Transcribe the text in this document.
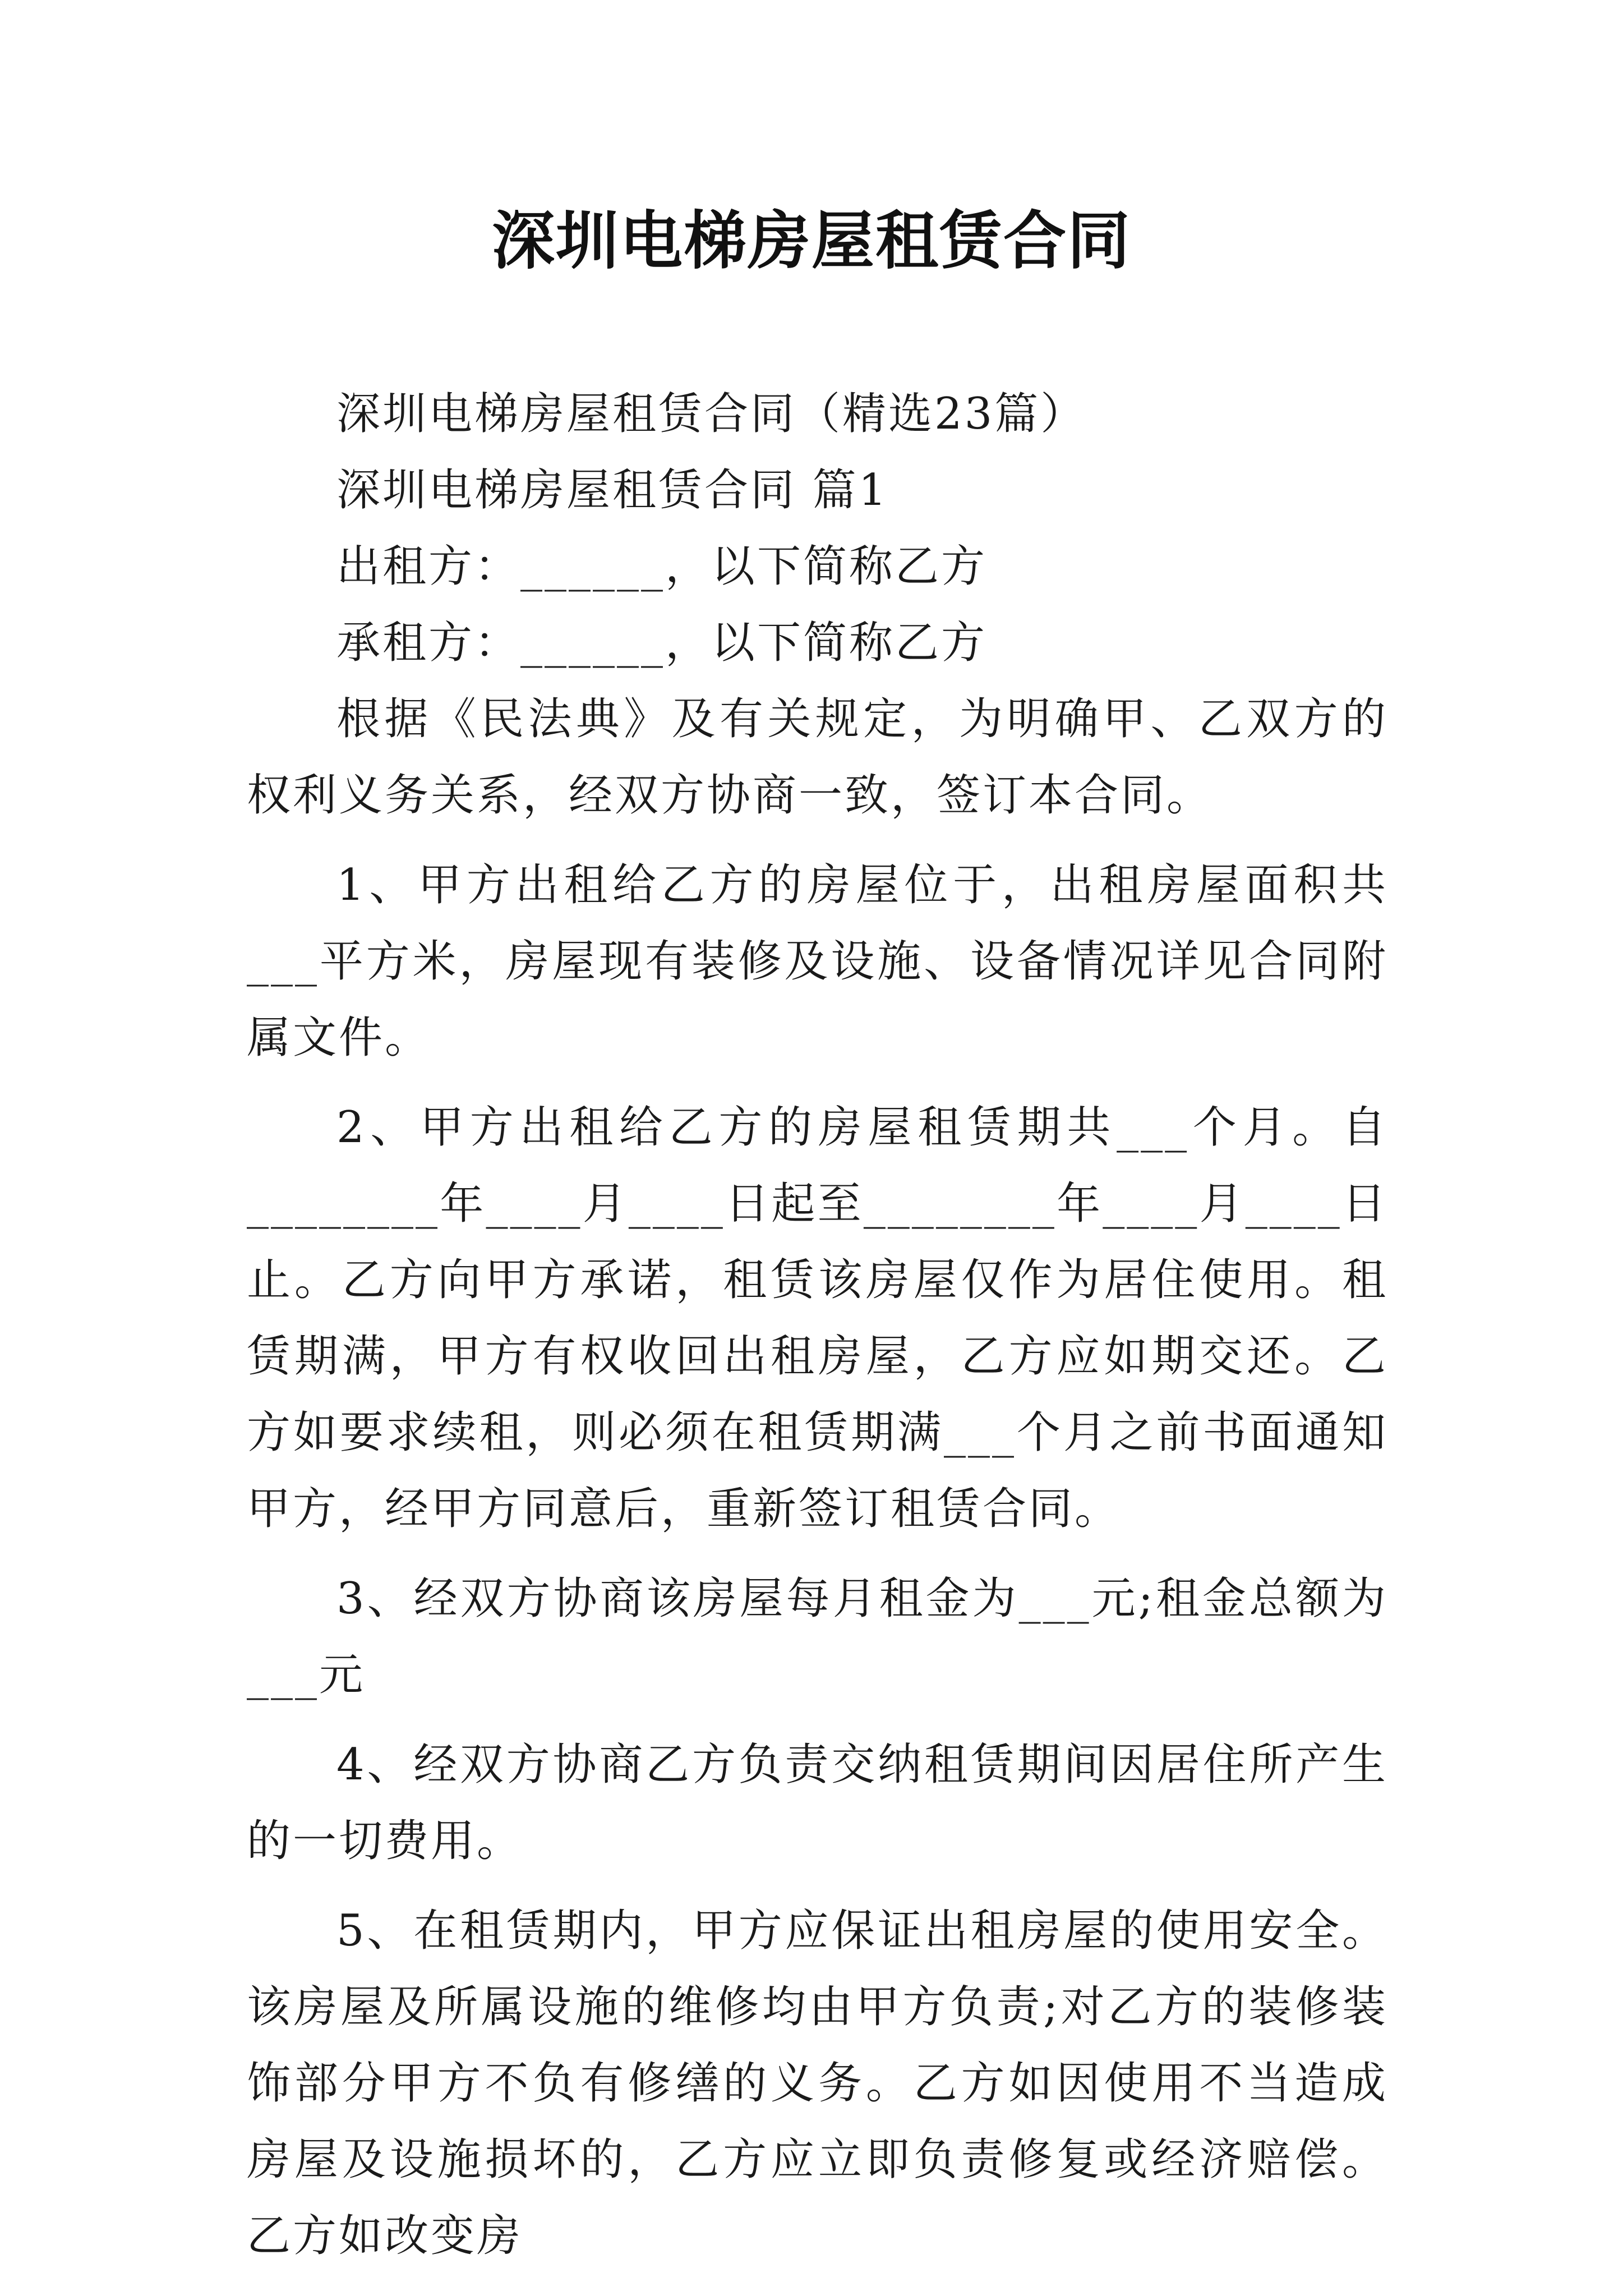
深圳电梯房屋租赁合同

深圳电梯房屋租赁合同（精选23篇）

深圳电梯房屋租赁合同 篇1

出租方：______，以下简称乙方

承租方：______，以下简称乙方

根据《民法典》及有关规定，为明确甲、乙双方的权利义务关系，经双方协商一致，签订本合同。

1、甲方出租给乙方的房屋位于，出租房屋面积共___平方米，房屋现有装修及设施、设备情况详见合同附属文件。

2、甲方出租给乙方的房屋租赁期共___个月。自________年____月____日起至________年____月____日止。乙方向甲方承诺，租赁该房屋仅作为居住使用。租赁期满，甲方有权收回出租房屋，乙方应如期交还。乙方如要求续租，则必须在租赁期满___个月之前书面通知甲方，经甲方同意后，重新签订租赁合同。

3、经双方协商该房屋每月租金为___元;租金总额为___元

4、经双方协商乙方负责交纳租赁期间因居住所产生的一切费用。

5、在租赁期内，甲方应保证出租房屋的使用安全。该房屋及所属设施的维修均由甲方负责;对乙方的装修装饰部分甲方不负有修缮的义务。乙方如因使用不当造成房屋及设施损坏的，乙方应立即负责修复或经济赔偿。乙方如改变房
